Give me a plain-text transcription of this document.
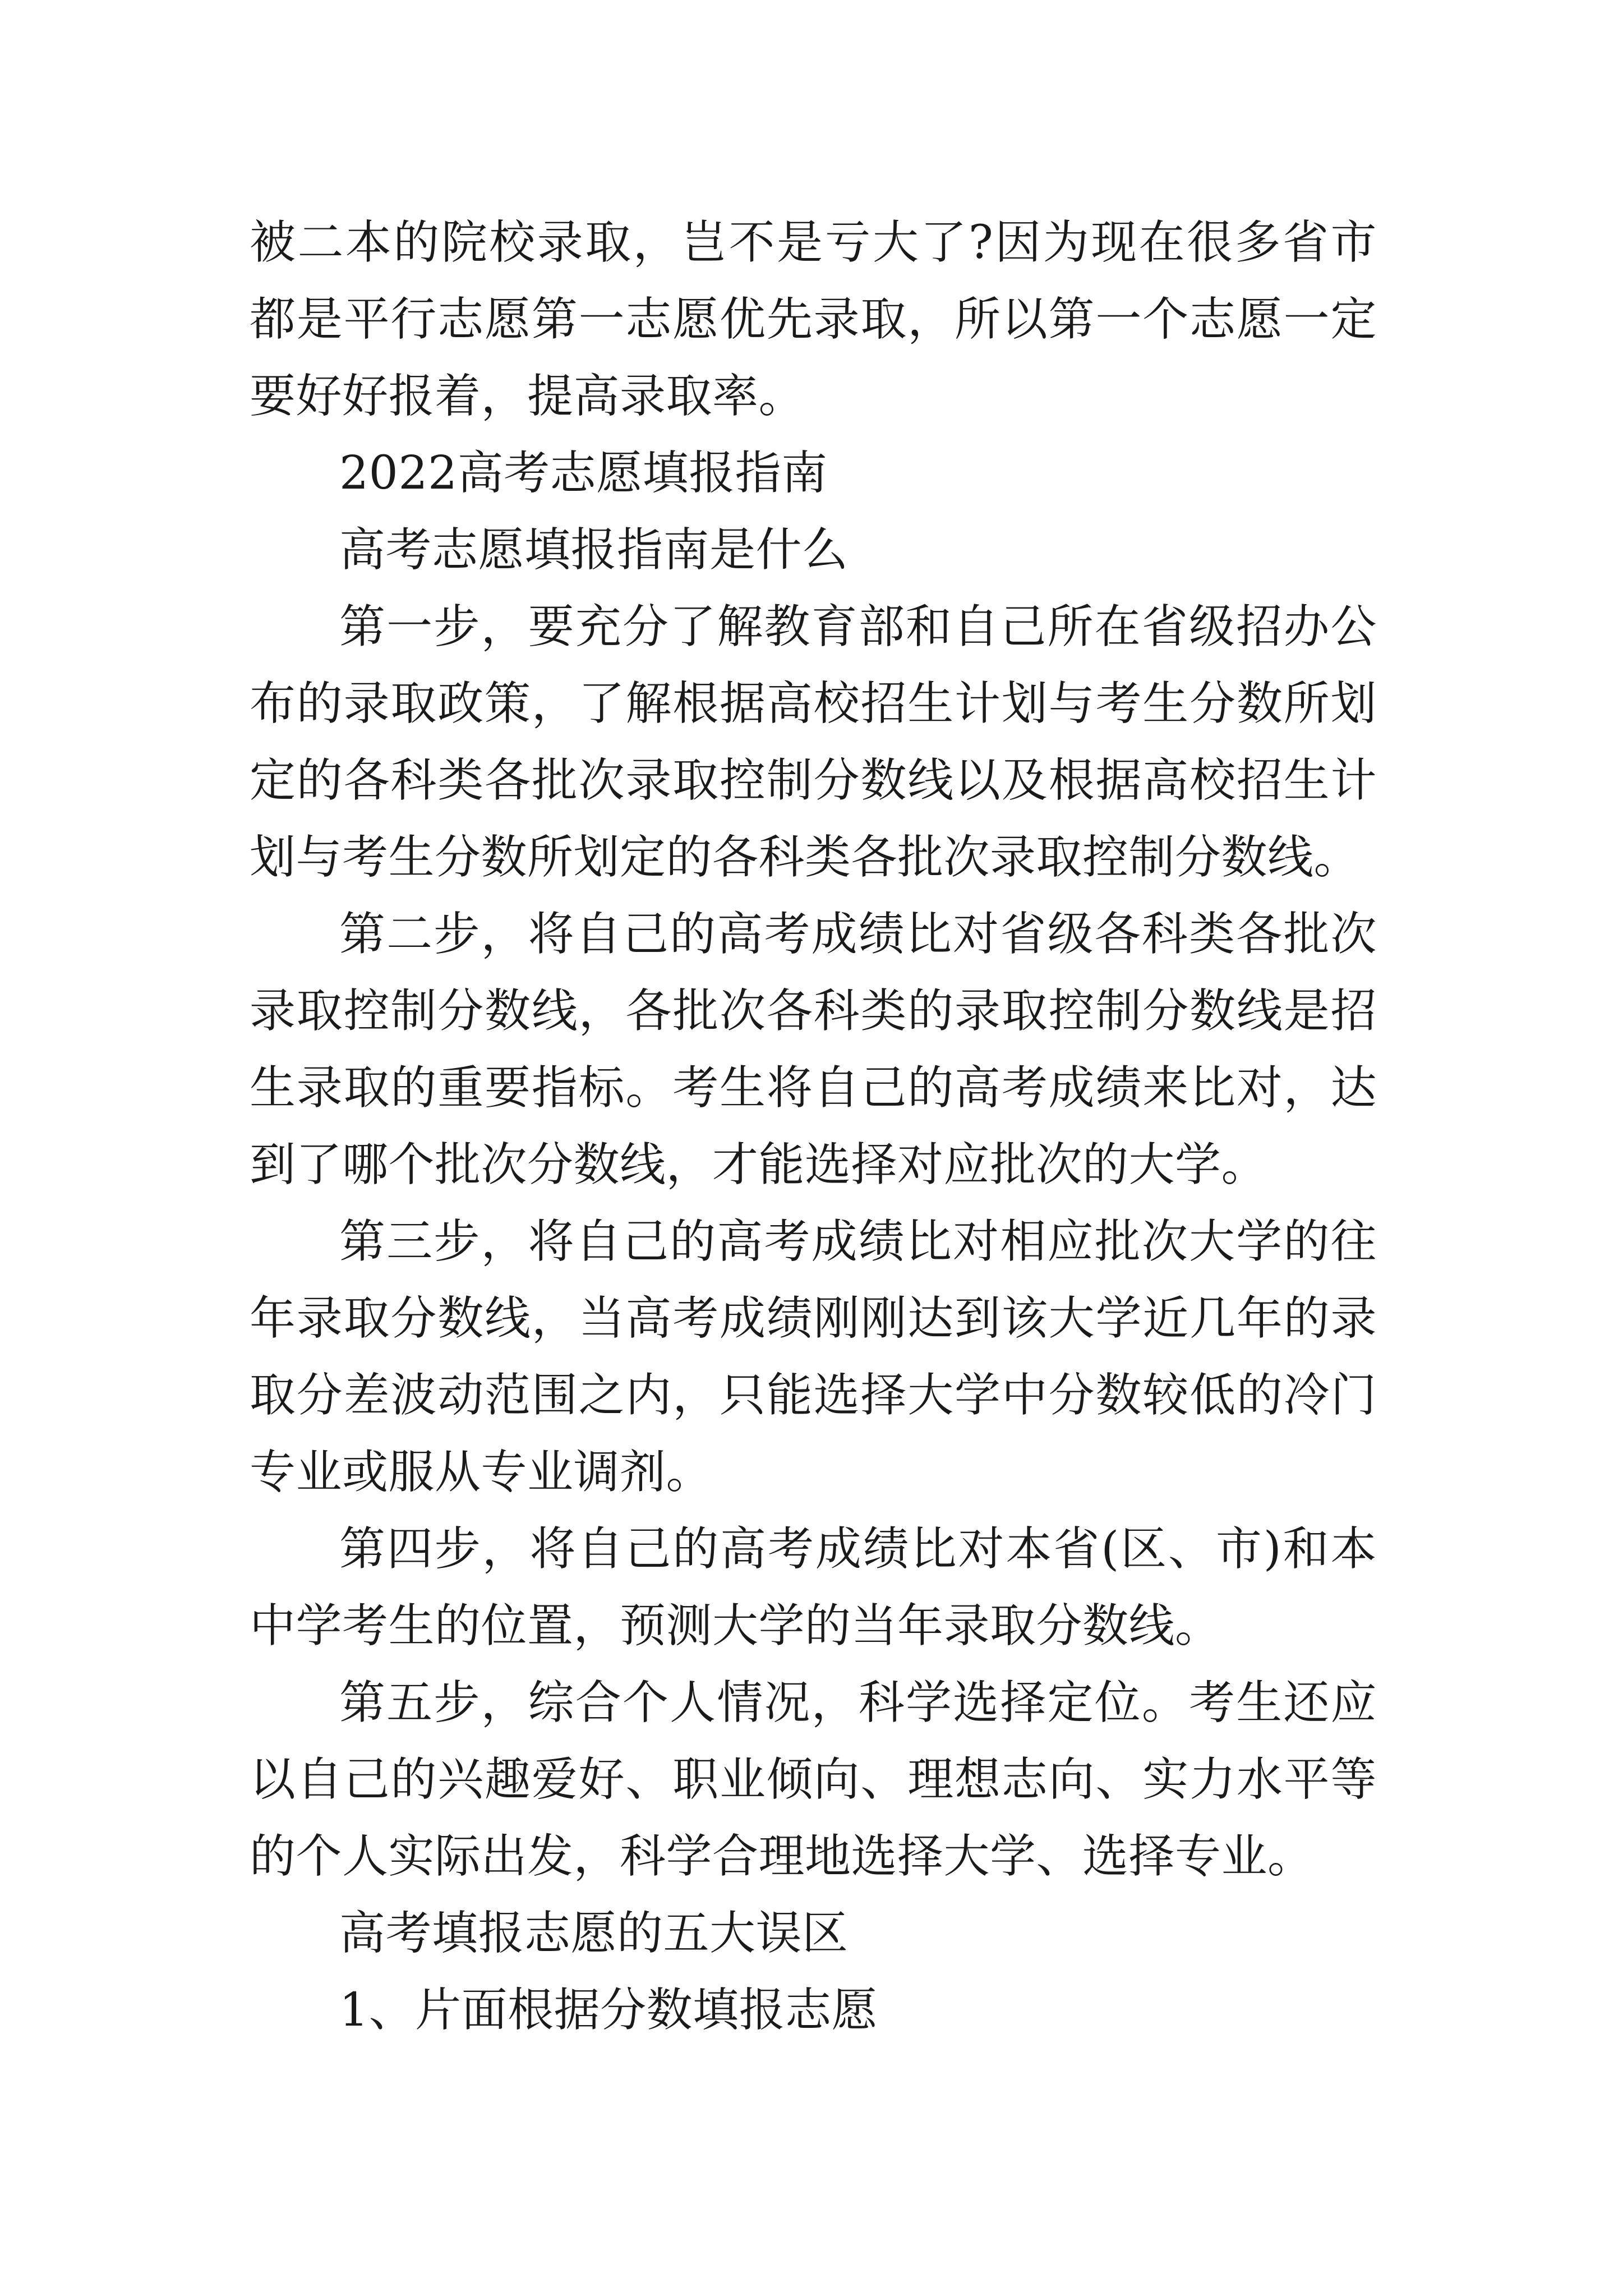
被二本的院校录取，岂不是亏大了?因为现在很多省市都是平行志愿第一志愿优先录取，所以第一个志愿一定要好好报着，提高录取率。

2022高考志愿填报指南

高考志愿填报指南是什么

第一步，要充分了解教育部和自己所在省级招办公布的录取政策，了解根据高校招生计划与考生分数所划定的各科类各批次录取控制分数线以及根据高校招生计划与考生分数所划定的各科类各批次录取控制分数线。

第二步，将自己的高考成绩比对省级各科类各批次录取控制分数线，各批次各科类的录取控制分数线是招生录取的重要指标。考生将自己的高考成绩来比对，达到了哪个批次分数线，才能选择对应批次的大学。

第三步，将自己的高考成绩比对相应批次大学的往年录取分数线，当高考成绩刚刚达到该大学近几年的录取分差波动范围之内，只能选择大学中分数较低的冷门专业或服从专业调剂。

第四步，将自己的高考成绩比对本省(区、市)和本中学考生的位置，预测大学的当年录取分数线。

第五步，综合个人情况，科学选择定位。考生还应以自己的兴趣爱好、职业倾向、理想志向、实力水平等的个人实际出发，科学合理地选择大学、选择专业。

高考填报志愿的五大误区

1、片面根据分数填报志愿
